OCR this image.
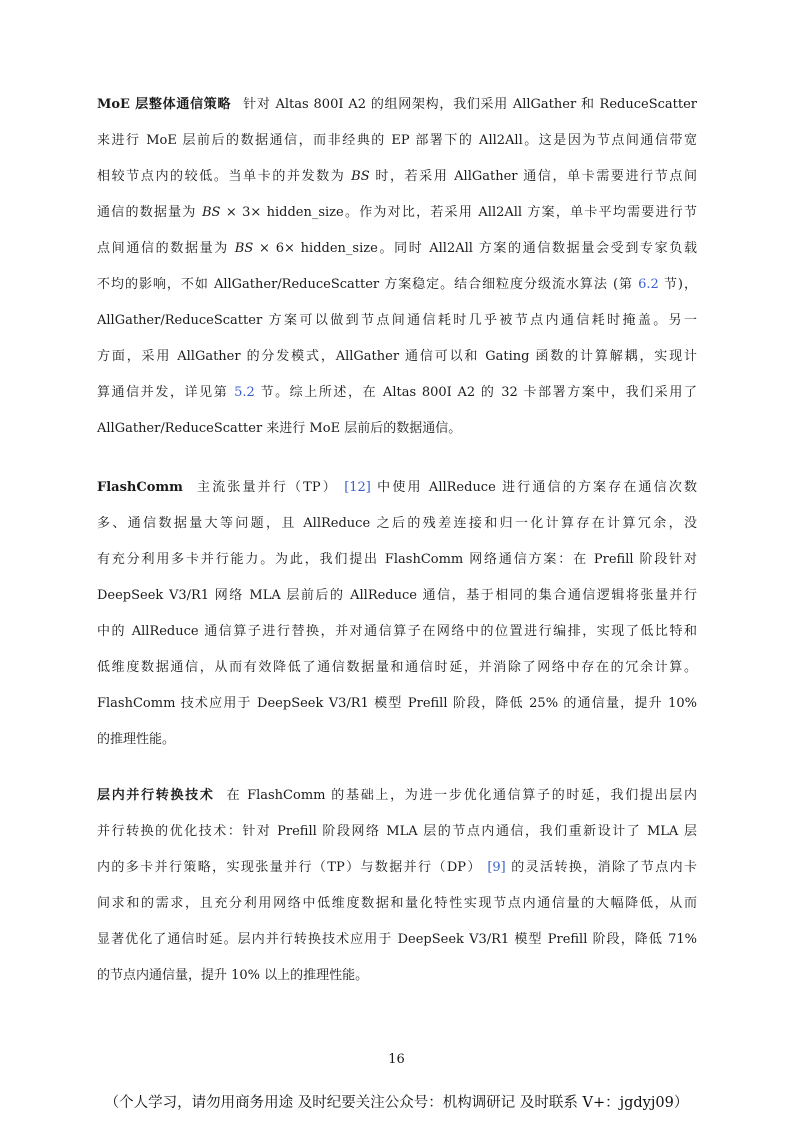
MoE 层整体通信策略 针对 Altas 800I A2 的组网架构，我们采用 AllGather 和 ReduceScatter
来进行 MoE 层前后的数据通信，而非经典的 EP 部署下的 All2All。这是因为节点间通信带宽
相较节点内的较低。当单卡的并发数为 BS 时，若采用 AllGather 通信，单卡需要进行节点间
通信的数据量为 BS × 3× hidden_size。作为对比，若采用 All2All 方案，单卡平均需要进行节
点间通信的数据量为 BS × 6× hidden_size。同时 All2All 方案的通信数据量会受到专家负载
不均的影响，不如 AllGather/ReduceScatter 方案稳定。结合细粒度分级流水算法 (第 6.2 节)，
AllGather/ReduceScatter 方案可以做到节点间通信耗时几乎被节点内通信耗时掩盖。另一
方面，采用 AllGather 的分发模式，AllGather 通信可以和 Gating 函数的计算解耦，实现计
算通信并发，详见第 5.2 节。综上所述，在 Altas 800I A2 的 32 卡部署方案中，我们采用了
AllGather/ReduceScatter 来进行 MoE 层前后的数据通信。
FlashComm 主流张量并行（TP） [12] 中使用 AllReduce 进行通信的方案存在通信次数
多、通信数据量大等问题，且 AllReduce 之后的残差连接和归一化计算存在计算冗余，没
有充分利用多卡并行能力。为此，我们提出 FlashComm 网络通信方案：在 Prefill 阶段针对
DeepSeek V3/R1 网络 MLA 层前后的 AllReduce 通信，基于相同的集合通信逻辑将张量并行
中的 AllReduce 通信算子进行替换，并对通信算子在网络中的位置进行编排，实现了低比特和
低维度数据通信，从而有效降低了通信数据量和通信时延，并消除了网络中存在的冗余计算。
FlashComm 技术应用于 DeepSeek V3/R1 模型 Prefill 阶段，降低 25% 的通信量，提升 10%
的推理性能。
层内并行转换技术 在 FlashComm 的基础上，为进一步优化通信算子的时延，我们提出层内
并行转换的优化技术：针对 Prefill 阶段网络 MLA 层的节点内通信，我们重新设计了 MLA 层
内的多卡并行策略，实现张量并行（TP）与数据并行（DP） [9] 的灵活转换，消除了节点内卡
间求和的需求，且充分利用网络中低维度数据和量化特性实现节点内通信量的大幅降低，从而
显著优化了通信时延。层内并行转换技术应用于 DeepSeek V3/R1 模型 Prefill 阶段，降低 71%
的节点内通信量，提升 10% 以上的推理性能。
16
（个人学习，请勿用商务用途 及时纪要关注公众号：机构调研记 及时联系 V+：jgdyj09）
